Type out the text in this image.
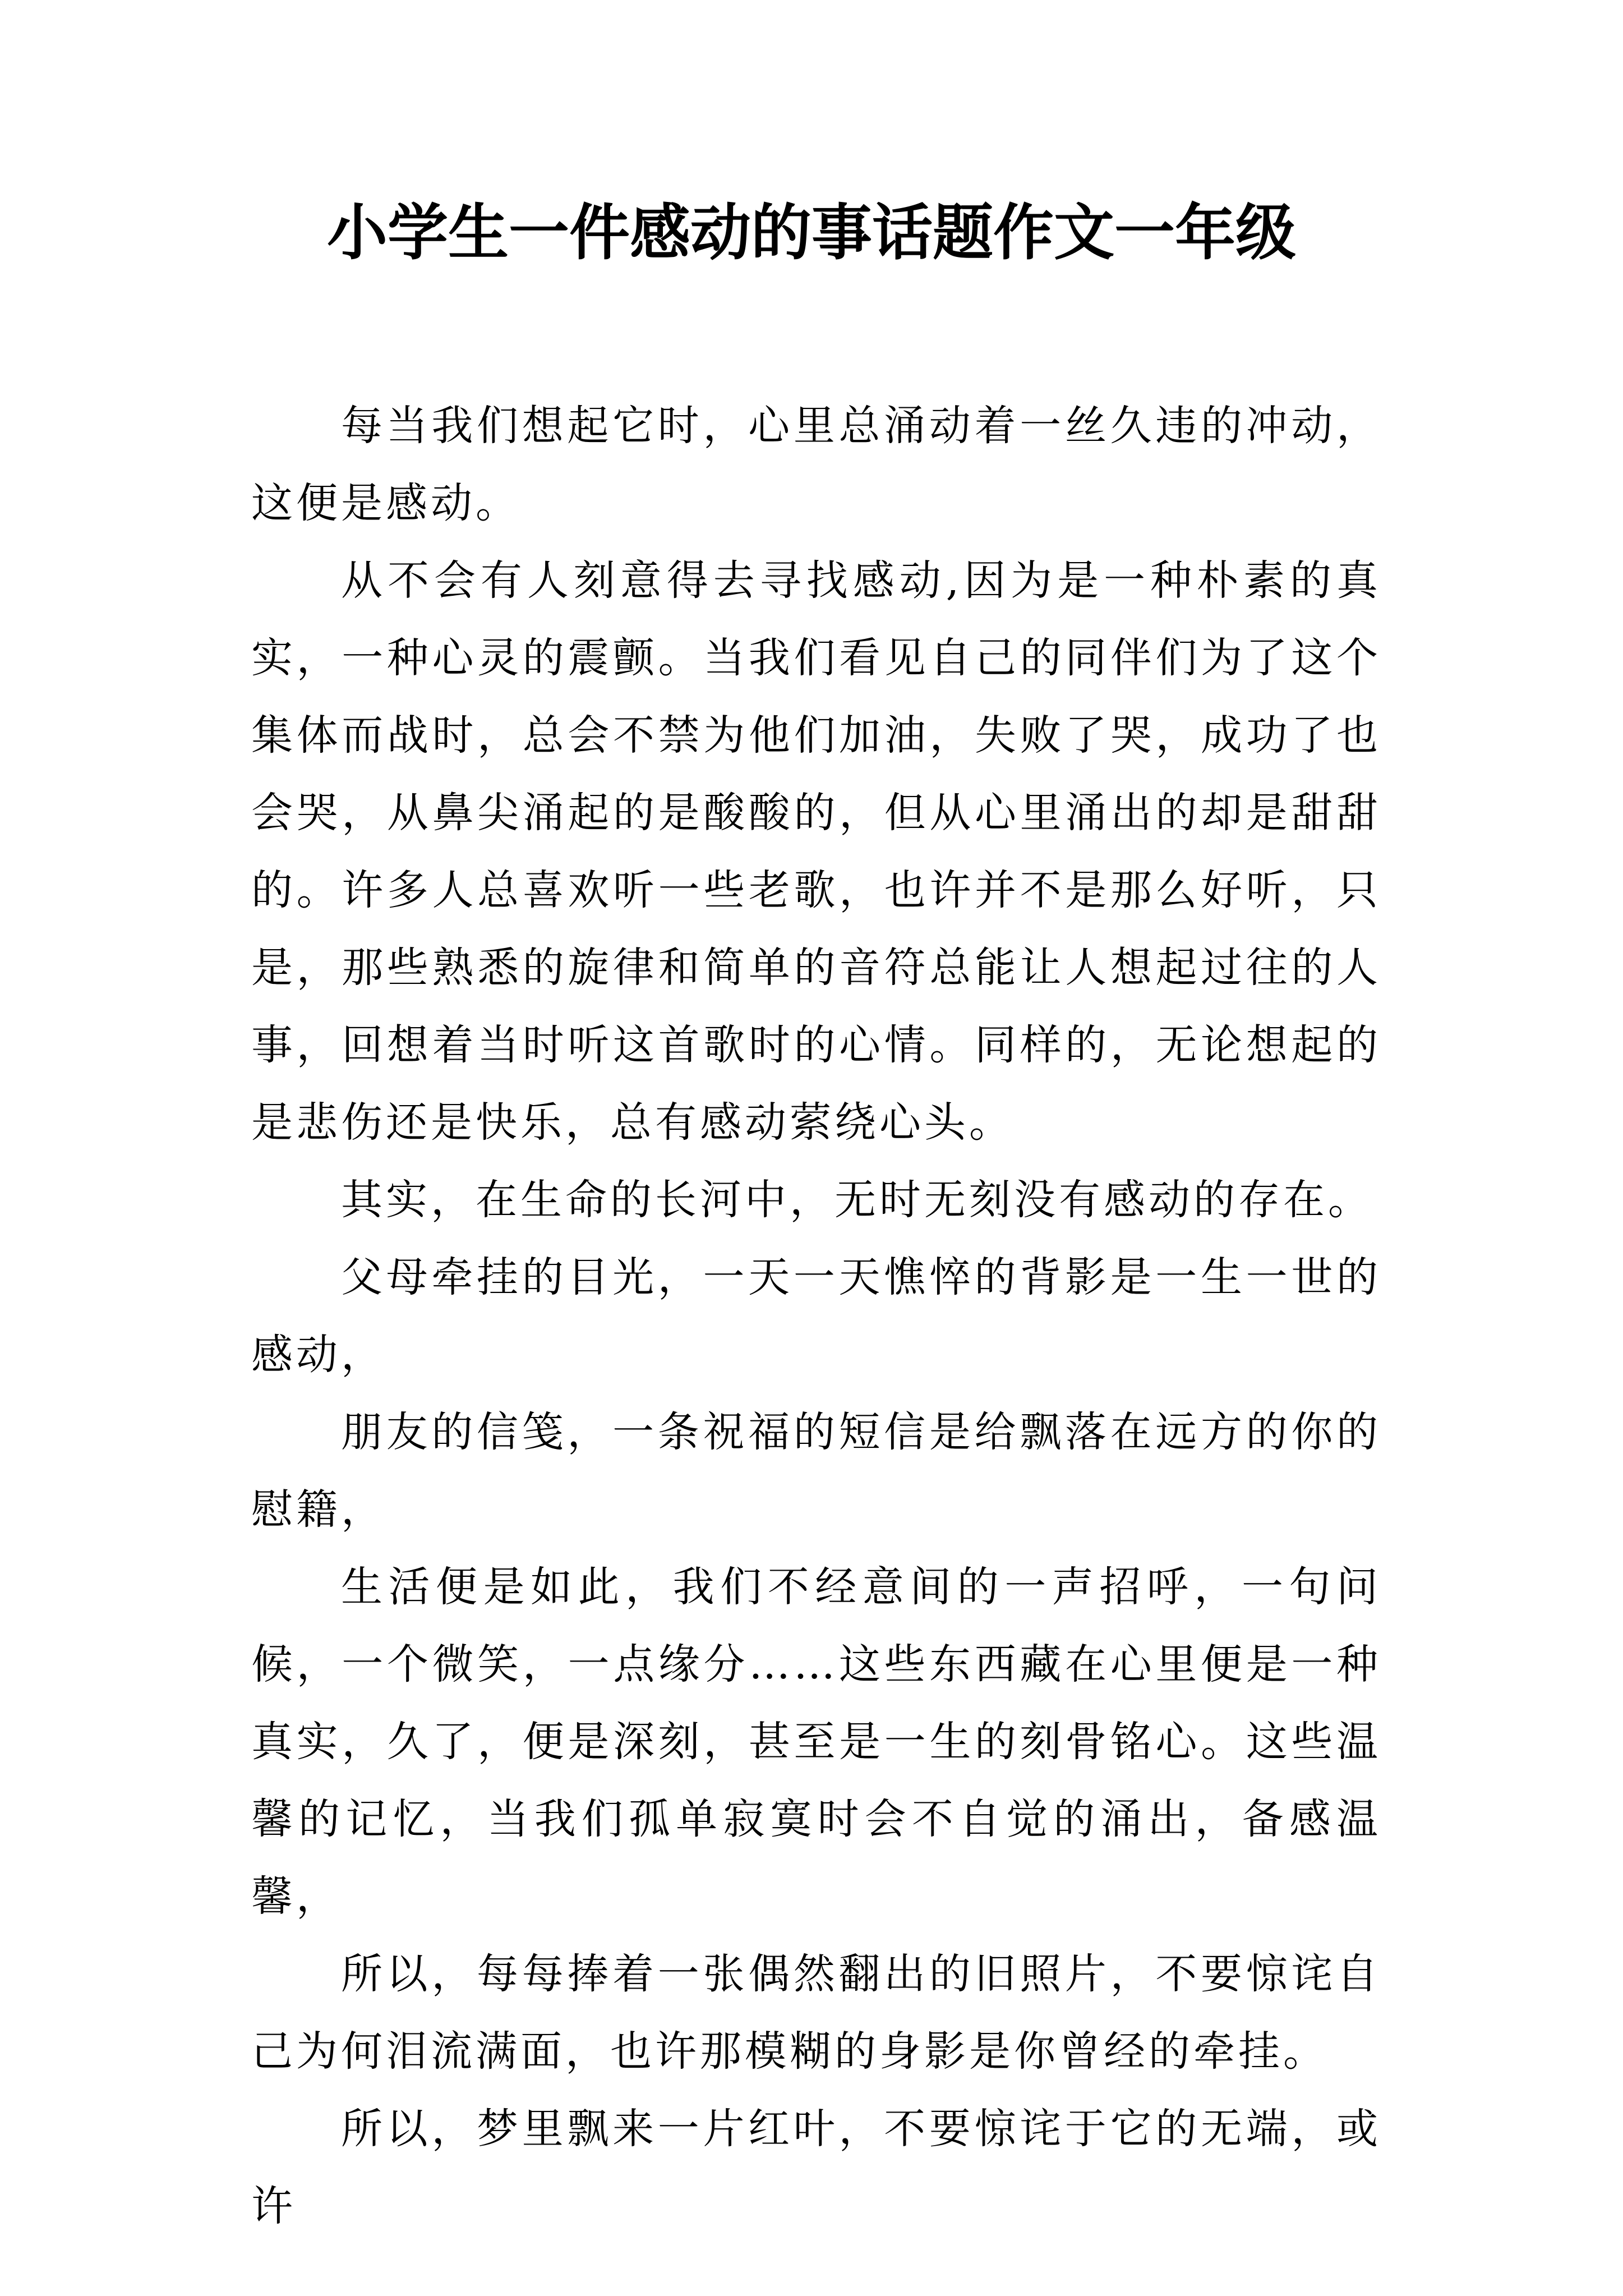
小学生一件感动的事话题作文一年级

每当我们想起它时，心里总涌动着一丝久违的冲动，这便是感动。

从不会有人刻意得去寻找感动,因为是一种朴素的真实，一种心灵的震颤。当我们看见自己的同伴们为了这个集体而战时，总会不禁为他们加油，失败了哭，成功了也会哭，从鼻尖涌起的是酸酸的，但从心里涌出的却是甜甜的。许多人总喜欢听一些老歌，也许并不是那么好听，只是，那些熟悉的旋律和简单的音符总能让人想起过往的人事，回想着当时听这首歌时的心情。同样的，无论想起的是悲伤还是快乐，总有感动萦绕心头。

其实，在生命的长河中，无时无刻没有感动的存在。

父母牵挂的目光，一天一天憔悴的背影是一生一世的感动，

朋友的信笺，一条祝福的短信是给飘落在远方的你的慰籍，

生活便是如此，我们不经意间的一声招呼，一句问候，一个微笑，一点缘分……这些东西藏在心里便是一种真实，久了，便是深刻，甚至是一生的刻骨铭心。这些温馨的记忆，当我们孤单寂寞时会不自觉的涌出，备感温馨，

所以，每每捧着一张偶然翻出的旧照片，不要惊诧自己为何泪流满面，也许那模糊的身影是你曾经的牵挂。

所以，梦里飘来一片红叶，不要惊诧于它的无端，或许
